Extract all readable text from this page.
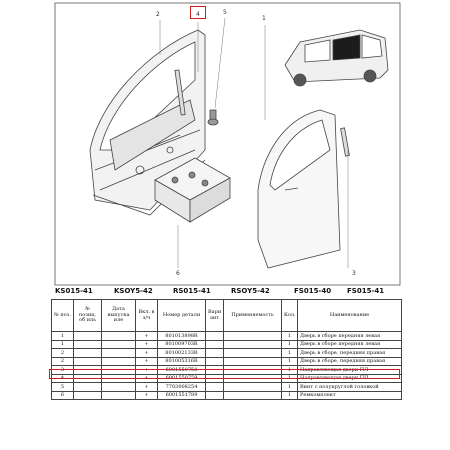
2	4	5
6
1
3
KS015-41	KSOY5-42	RS015-41	RSOY5-42	FS015-40 FS015-41
№ поз.	№ позиц. об иль	Дата выпуска иле	Вкл. в з/ч	Номер детали	Вари ант	Применяемость	Кол.	Наименование
1			+	801013898R			1	Дверь в сборе передняя левая
1			+	801009703R			1	Дверь в сборе передняя левая
2			+	801002133R			1	Дверь в сборе, передняя правая
2			+	801005316R			1	Дверь в сборе, передняя правая
3			+	6001550758			1	Направляющая двери ПЛ
4			+	6001550759			1	Направляющая двери ПП
5			+	7703008254			1	Винт с полукруглой головкой
6			+	6001551789			1	Ремкомплект
